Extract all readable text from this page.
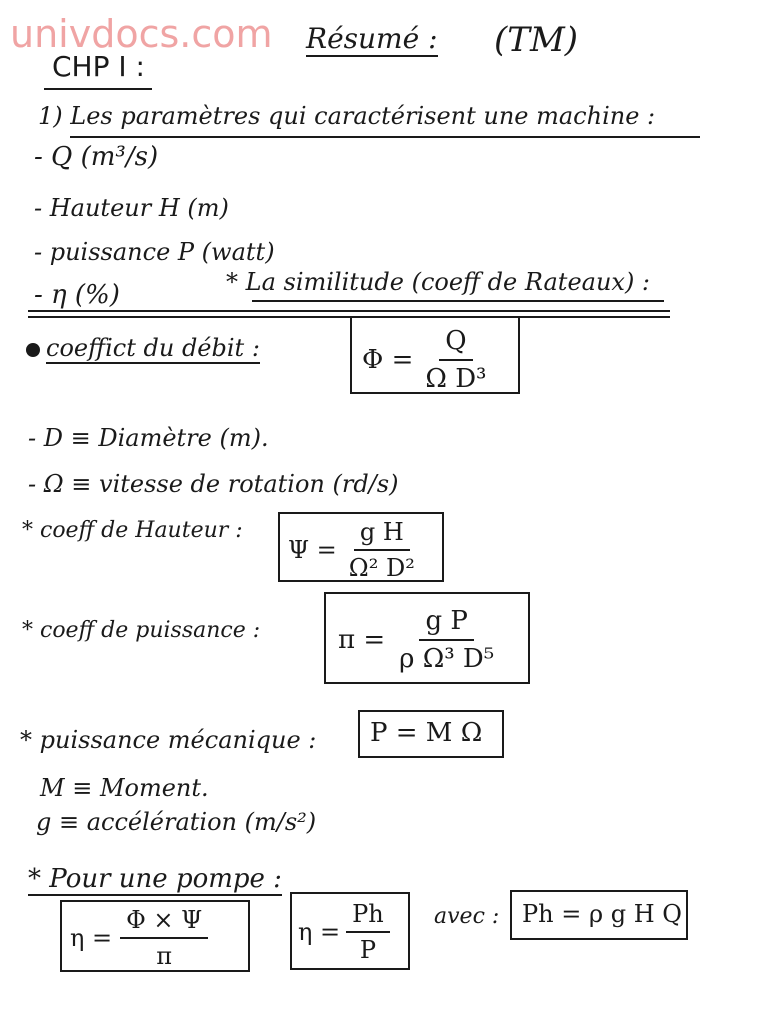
univdocs.com Résumé : (TM)
CHP I :
1) Les paramètres qui caractérisent une machine :
- Q (m³/s)
- Hauteur H (m)
- puissance P (watt)
- η (%)	* La similitude (coeff de Rateaux) :
coeffict du débit :	$\Phi = \frac{Q}{\text{Ω D³}}$
- D ≡ Diamètre (m).
- Ω ≡ vitesse de rotation (rd/s)
* coeff de Hauteur :
$\Psi = \frac{\text{g H}}{\text{Ω² D²}}$
* coeff de puissance :	$\pi = \frac{\text{g P}}{\text{ρ Ω³ D⁵}}$
* puissance mécanique : P = M Ω
M ≡ Moment.
g ≡ accélération (m/s²)
* Pour une pompe :
$\eta = \frac{\Phi \times \Psi}{\pi}$	$\eta = \frac{Ph}{P}$ avec : Ph = ρ g H Q
